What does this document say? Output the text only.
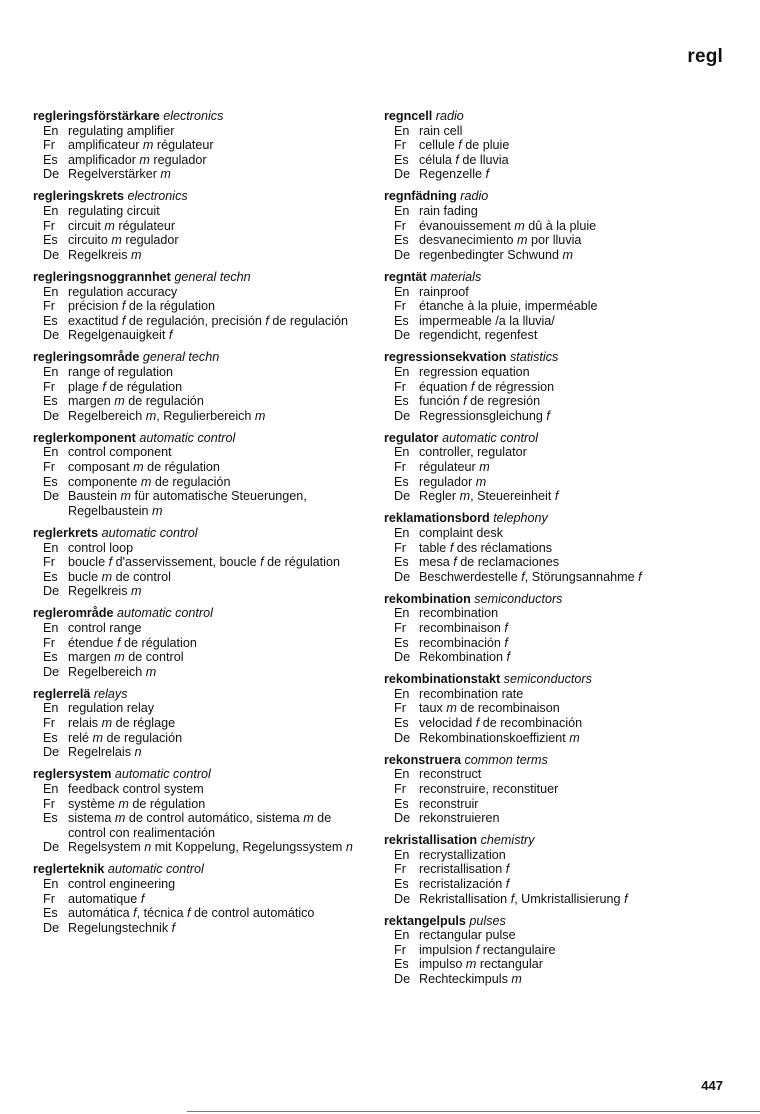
regl
regleringsförstärkare electronics
En regulating amplifier
Fr	amplificateur m régulateur
Es amplificador m regulador
De Regelverstärker m
regleringskrets electronics
En regulating circuit
Fr	circuit m régulateur
Es circuito m regulador
De Regelkreis m
regleringsnoggrannhet general techn
En regulation accuracy
Fr	précision f de la régulation
Es exactitud f de regulación, precisión f de regulación
De Regelgenauigkeit f
regleringsområde general techn
En range of regulation
Fr	plage f de régulation
Es margen m de regulación
De Regelbereich m, Regulierbereich m
reglerkomponent automatic control
En control component
Fr	composant m de régulation
Es componente m de regulación
De Baustein m für automatische Steuerungen, Regelbaustein m
reglerkrets automatic control
En control loop
Fr	boucle f d'asservissement, boucle f de régulation
Es bucle m de control
De Regelkreis m
reglerområde automatic control
En control range
Fr	étendue f de régulation
Es margen m de control
De Regelbereich m
reglerrelä relays
En regulation relay
Fr	relais m de réglage
Es relé m de regulación
De Regelrelais n
reglersystem automatic control
En feedback control system
Fr	système m de régulation
Es sistema m de control automático, sistema m de control con realimentación
De Regelsystem n mit Koppelung, Regelungssystem n
reglerteknik automatic control
En control engineering
Fr	automatique f
Es automática f, técnica f de control automático
De Regelungstechnik f
regncell radio
En rain cell
Fr	cellule f de pluie
Es célula f de lluvia
De Regenzelle f
regnfädning radio
En rain fading
Fr	évanouissement m dû à la pluie
Es desvanecimiento m por lluvia
De regenbedingter Schwund m
regntät materials
En rainproof
Fr	étanche à la pluie, imperméable
Es impermeable /a la lluvia/
De regendicht, regenfest
regressionsekvation statistics
En regression equation
Fr	équation f de régression
Es función f de regresión
De Regressionsgleichung f
regulator automatic control
En controller, regulator
Fr	régulateur m
Es regulador m
De Regler m, Steuereinheit f
reklamationsbord telephony
En complaint desk
Fr	table f des réclamations
Es mesa f de reclamaciones
De Beschwerdestelle f, Störungsannahme f
rekombination semiconductors
En recombination
Fr	recombinaison f
Es recombinación f
De Rekombination f
rekombinationstakt semiconductors
En recombination rate
Fr	taux m de recombinaison
Es velocidad f de recombinación
De Rekombinationskoeffizient m
rekonstruera common terms
En reconstruct
Fr	reconstruire, reconstituer
Es reconstruir
De rekonstruieren
rekristallisation chemistry
En recrystallization
Fr	recristallisation f
Es recristalización f
De Rekristallisation f, Umkristallisierung f
rektangelpuls pulses
En rectangular pulse
Fr	impulsion f rectangulaire
Es impulso m rectangular
De Rechteckimpuls m
447
